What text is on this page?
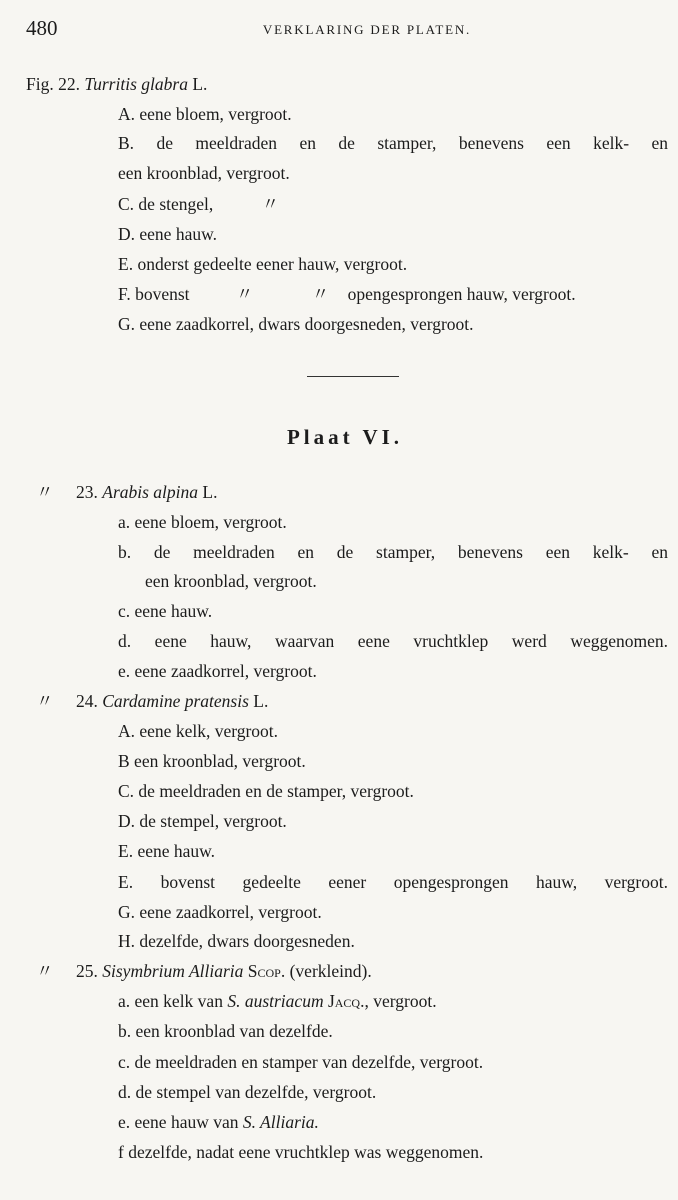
480	VERKLARING DER PLATEN.
Fig. 22. Turritis glabra L.
A. eene bloem, vergroot.
B. de meeldraden en de stamper, benevens een kelk- en
een kroonblad, vergroot.
C. de stengel,	〃
D. eene hauw.
E. onderst gedeelte eener hauw, vergroot.
F. bovenst	〃	〃 opengesprongen hauw, vergroot.
G. eene zaadkorrel, dwars doorgesneden, vergroot.
Plaat VI.
〃 23. Arabis alpina L.
a. eene bloem, vergroot.
b. de meeldraden en de stamper, benevens een kelk- en
een kroonblad, vergroot.
c. eene hauw.
d. eene hauw, waarvan eene vruchtklep werd weggenomen.
e. eene zaadkorrel, vergroot.
〃 24. Cardamine pratensis L.
A. eene kelk, vergroot.
B een kroonblad, vergroot.
C. de meeldraden en de stamper, vergroot.
D. de stempel, vergroot.
E. eene hauw.
E. bovenst gedeelte eener opengesprongen hauw, vergroot.
G. eene zaadkorrel, vergroot.
H. dezelfde, dwars doorgesneden.
〃 25. Sisymbrium Alliaria Scop. (verkleind).
a. een kelk van S. austriacum Jacq., vergroot.
b. een kroonblad van dezelfde.
c. de meeldraden en stamper van dezelfde, vergroot.
d. de stempel van dezelfde, vergroot.
e. eene hauw van S. Alliaria.
f dezelfde, nadat eene vruchtklep was weggenomen.
